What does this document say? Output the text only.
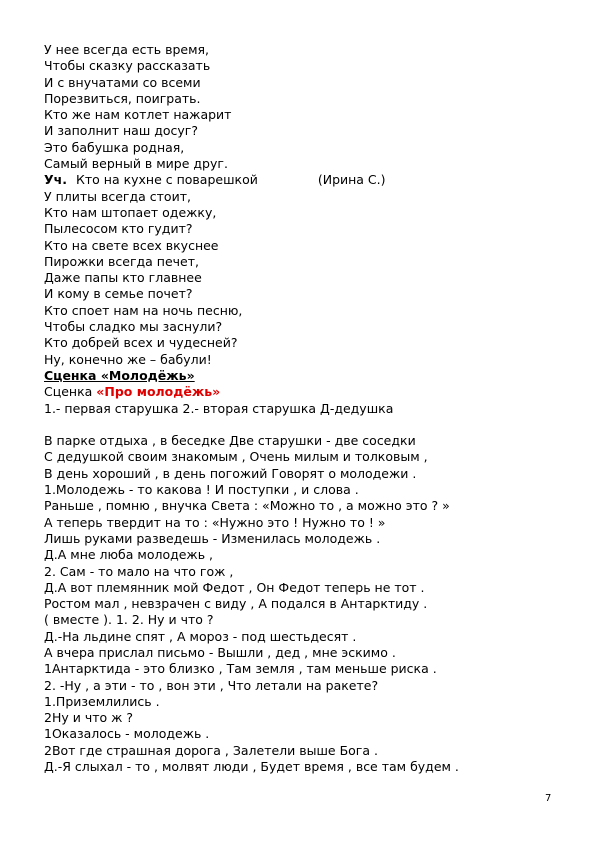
У нее всегда есть время,
Чтобы сказку рассказать
И с внучатами со всеми
Порезвиться, поиграть.
Кто же нам котлет нажарит
И заполнит наш досуг?
Это бабушка родная,
Самый верный в мире друг.
Уч. Кто на кухне с поварешкой	(Ирина С.)
У плиты всегда стоит,
Кто нам штопает одежку,
Пылесосом кто гудит?
Кто на свете всех вкуснее
Пирожки всегда печет,
Даже папы кто главнее
И кому в семье почет?
Кто споет нам на ночь песню,
Чтобы сладко мы заснули?
Кто добрей всех и чудесней?
Ну, конечно же – бабули!
Сценка «Молодёжь»
Сценка «Про молодёжь»
1.- первая старушка 2.- вторая старушка Д-дедушка
В парке отдыха , в беседке Две старушки - две соседки
С дедушкой своим знакомым , Очень милым и толковым ,
В день хороший , в день погожий Говорят о молодежи .
1.Молодежь - то какова ! И поступки , и слова .
Раньше , помню , внучка Света : «Можно то , а можно это ? »
А теперь твердит на то : «Нужно это ! Нужно то ! »
Лишь руками разведешь - Изменилась молодежь .
Д.А мне люба молодежь ,
2. Сам - то мало на что гож ,
Д.А вот племянник мой Федот , Он Федот теперь не тот .
Ростом мал , невзрачен с виду , А подался в Антарктиду .
( вместе ). 1. 2. Ну и что ?
Д.-На льдине спят , А мороз - под шестьдесят .
А вчера прислал письмо - Вышли , дед , мне эскимо .
1Антарктида - это близко , Там земля , там меньше риска .
2. -Ну , а эти - то , вон эти , Что летали на ракете?
1.Приземлились .
2Ну и что ж ?
1Оказалось - молодежь .
2Вот где страшная дорога , Залетели выше Бога .
Д.-Я слыхал - то , молвят люди , Будет время , все там будем .
7
